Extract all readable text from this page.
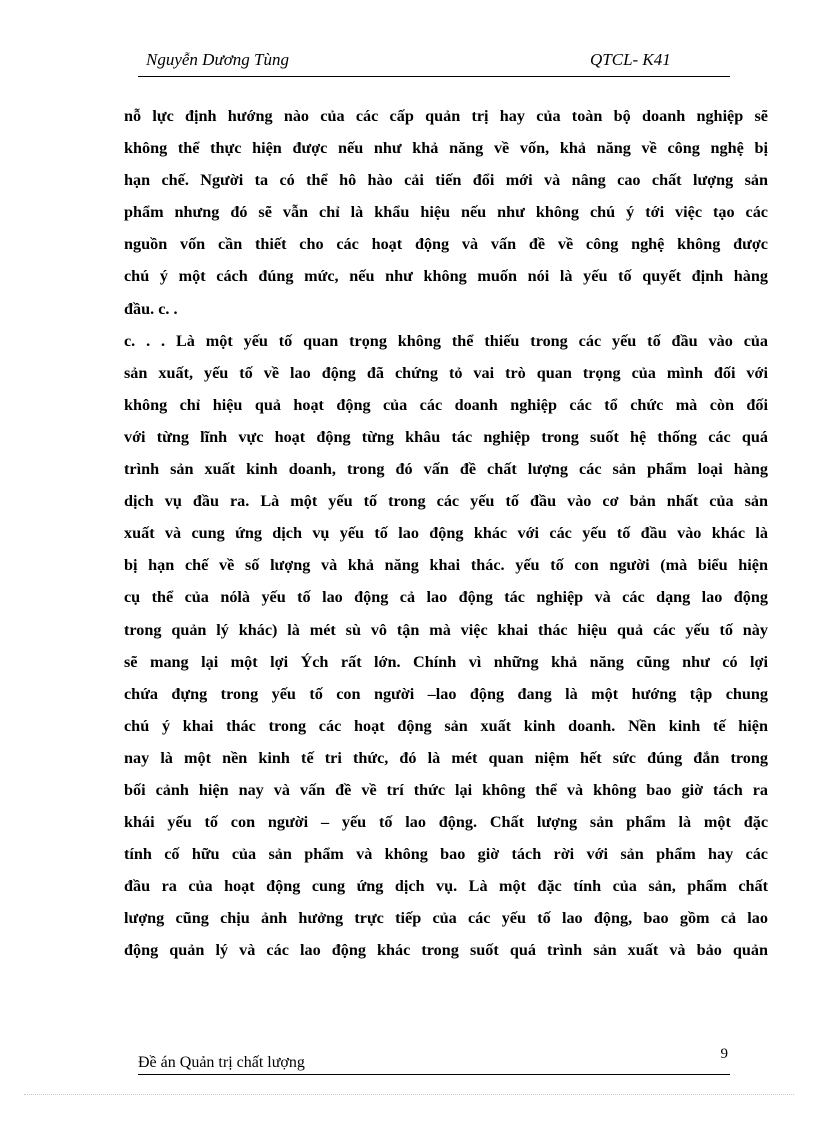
Nguyễn Dương Tùng	QTCL- K41
nỗ lực định hướng nào của các cấp quản trị hay của toàn bộ doanh nghiệp sẽ
không thể thực hiện được nếu như khả năng về vốn, khả năng về công nghệ bị
hạn chế. Người ta có thể hô hào cải tiến đổi mới và nâng cao chất lượng sản
phẩm nhưng đó sẽ vẫn chỉ là khẩu hiệu nếu như không chú ý tới việc tạo các
nguồn vốn cần thiết cho các hoạt động và vấn đề về công nghệ không được
chú ý một cách đúng mức, nếu như không muốn nói là yếu tố quyết định hàng
đầu. c. .
c. . . Là một yếu tố quan trọng không thể thiếu trong các yếu tố đầu vào của
sản xuất, yếu tố về lao động đã chứng tỏ vai trò quan trọng của mình đối với
không chỉ hiệu quả hoạt động của các doanh nghiệp các tổ chức mà còn đối
với từng lĩnh vực hoạt động từng khâu tác nghiệp trong suốt hệ thống các quá
trình sản xuất kinh doanh, trong đó vấn đề chất lượng các sản phẩm loại hàng
dịch vụ đầu ra. Là một yếu tố trong các yếu tố đầu vào cơ bản nhất của sản
xuất và cung ứng dịch vụ yếu tố lao động khác với các yếu tố đầu vào khác là
bị hạn chế về số lượng và khả năng khai thác. yếu tố con người (mà biểu hiện
cụ thể của nólà yếu tố lao động cả lao động tác nghiệp và các dạng lao động
trong quản lý khác) là mét sù vô tận mà việc khai thác hiệu quả các yếu tố này
sẽ mang lại một lợi Ých rất lớn. Chính vì những khả năng cũng như có lợi
chứa đựng trong yếu tố con người –lao động đang là một hướng tập chung
chú ý khai thác trong các hoạt động sản xuất kinh doanh. Nền kinh tế hiện
nay là một nền kinh tế tri thức, đó là mét quan niệm hết sức đúng đắn trong
bối cảnh hiện nay và vấn đề về trí thức lại không thể và không bao giờ tách ra
khái yếu tố con người – yếu tố lao động. Chất lượng sản phẩm là một đặc
tính cố hữu của sản phẩm và không bao giờ tách rời với sản phẩm hay các
đầu ra của hoạt động cung ứng dịch vụ. Là một đặc tính của sản, phẩm chất
lượng cũng chịu ảnh hưởng trực tiếp của các yếu tố lao động, bao gồm cả lao
động quản lý và các lao động khác trong suốt quá trình sản xuất và bảo quản
Đề án Quản trị chất lượng	9
